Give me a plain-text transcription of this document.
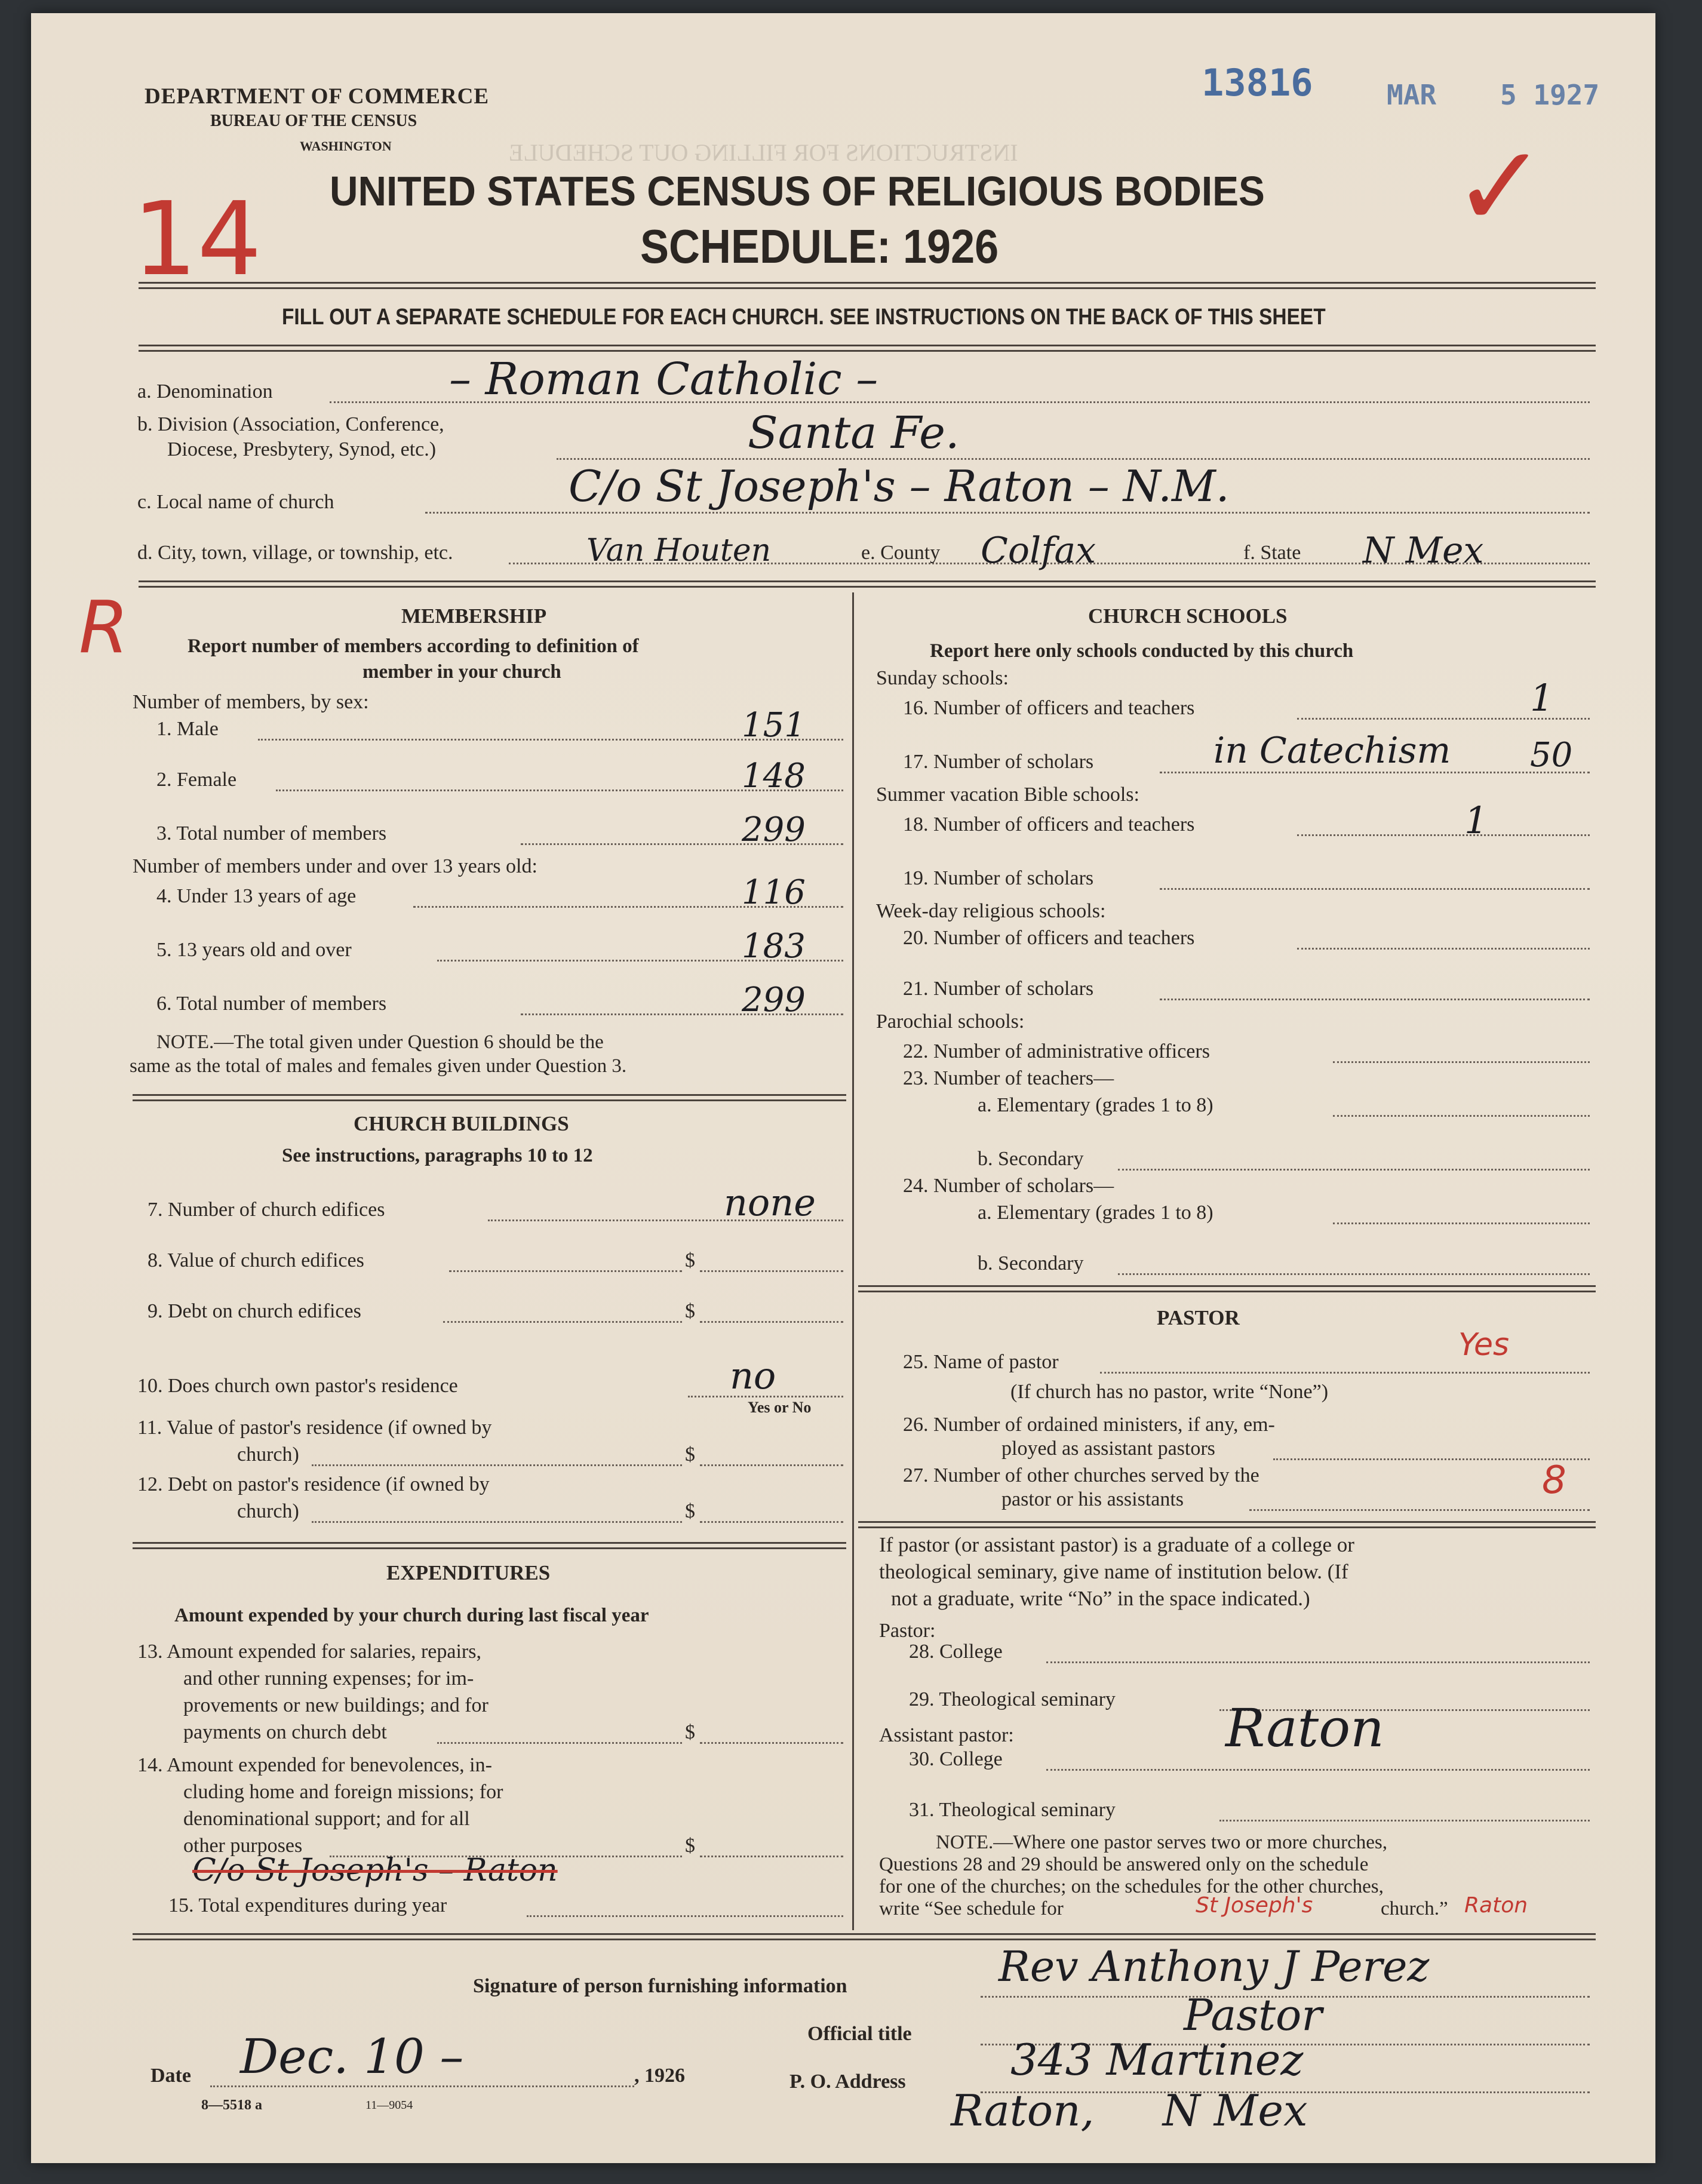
INSTRUCTIONS FOR FILLING OUT SCHEDULE
13816	MAR 5 1927
14	✓
R
DEPARTMENT OF COMMERCE
BUREAU OF THE CENSUS
WASHINGTON
UNITED STATES CENSUS OF RELIGIOUS BODIES
SCHEDULE: 1926
FILL OUT A SEPARATE SCHEDULE FOR EACH CHURCH. SEE INSTRUCTIONS ON THE BACK OF THIS SHEET
a. Denomination	– Roman Catholic –
b. Division (Association, Conference,
Diocese, Presbytery, Synod, etc.)	Santa Fe.
c. Local name of church	C/o St Joseph's – Raton – N.M.
d. City, town, village, or township, etc.	Van Houten	e. County Colfax	f. State N Mex
MEMBERSHIP
Report number of members according to definition of
member in your church
Number of members, by sex:
1. Male	151
2. Female	148
3. Total number of members	299
Number of members under and over 13 years old:
4. Under 13 years of age	116
5. 13 years old and over	183
6. Total number of members	299
NOTE.—The total given under Question 6 should be the
same as the total of males and females given under Question 3.
CHURCH BUILDINGS
See instructions, paragraphs 10 to 12
7. Number of church edifices	none
8. Value of church edifices	$
9. Debt on church edifices	$
10. Does church own pastor's residence	no
Yes or No
11. Value of pastor's residence (if owned by
church)	$
12. Debt on pastor's residence (if owned by
church)	$
EXPENDITURES
Amount expended by your church during last fiscal year
13. Amount expended for salaries, repairs,
and other running expenses; for im-
provements or new buildings; and for
payments on church debt	$
14. Amount expended for benevolences, in-
cluding home and foreign missions; for
denominational support; and for all
other purposes	$
C/o St Joseph's – Raton
15. Total expenditures during year
CHURCH SCHOOLS
Report here only schools conducted by this church
Sunday schools:
16. Number of officers and teachers	1
17. Number of scholars	in Catechism 50
Summer vacation Bible schools:
18. Number of officers and teachers	1
19. Number of scholars
Week-day religious schools:
20. Number of officers and teachers
21. Number of scholars
Parochial schools:
22. Number of administrative officers
23. Number of teachers—
a. Elementary (grades 1 to 8)
b. Secondary
24. Number of scholars—
a. Elementary (grades 1 to 8)
b. Secondary
PASTOR
25. Name of pastor	Yes
(If church has no pastor, write “None”)
26. Number of ordained ministers, if any, em-
ployed as assistant pastors
27. Number of other churches served by the
pastor or his assistants	8
If pastor (or assistant pastor) is a graduate of a college or
theological seminary, give name of institution below. (If
not a graduate, write “No” in the space indicated.)
Pastor:
28. College
29. Theological seminary
Assistant pastor:
30. College
Raton
31. Theological seminary
NOTE.—Where one pastor serves two or more churches,
Questions 28 and 29 should be answered only on the schedule
for one of the churches; on the schedules for the other churches,
write “See schedule for	St Joseph's	church.” Raton
Signature of person furnishing information	Rev Anthony J Perez
Official title	Pastor
Date Dec. 10 –	, 1926	P. O. Address 343 Martinez
Raton,     N Mex
8—5518 a	11—9054
